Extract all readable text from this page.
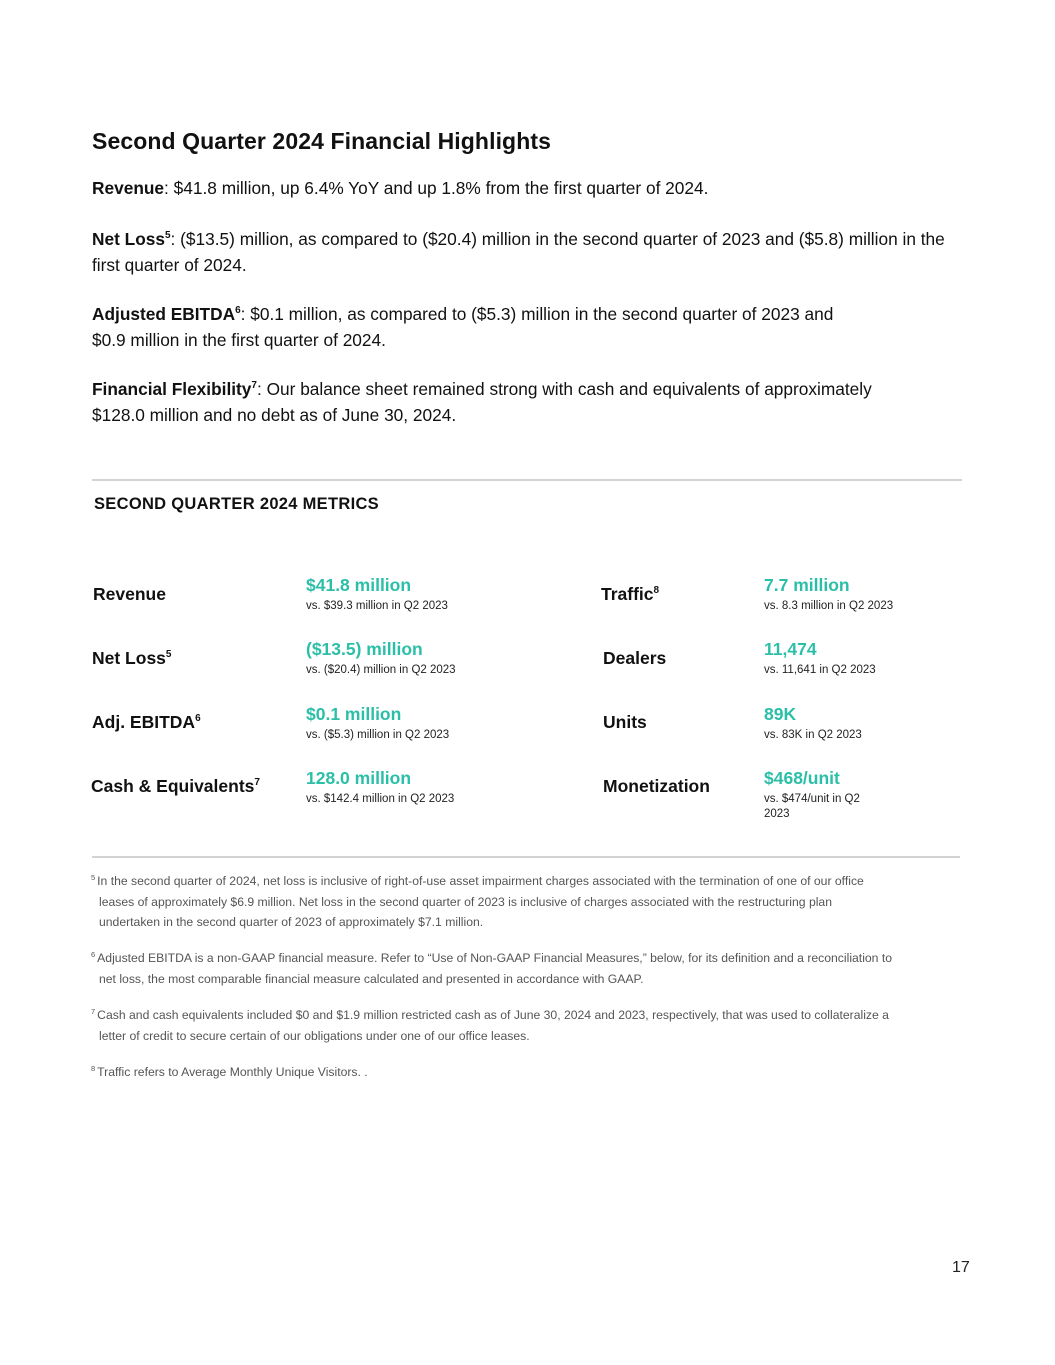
Second Quarter 2024 Financial Highlights

Revenue: $41.8 million, up 6.4% YoY and up 1.8% from the first quarter of 2024.

Net Loss$^5$: ($13.5) million, as compared to ($20.4) million in the second quarter of 2023 and ($5.8) million in the first quarter of 2024.

Adjusted EBITDA$^6$: $0.1 million, as compared to ($5.3) million in the second quarter of 2023 and
$0.9 million in the first quarter of 2024.

Financial Flexibility$^7$: Our balance sheet remained strong with cash and equivalents of approximately
$128.0 million and no debt as of June 30, 2024.

SECOND QUARTER 2024 METRICS

Revenue	$41.8 million

vs. $39.3 million in Q2 2023

Net Loss$^5$	($13.5) million

vs. ($20.4) million in Q2 2023

Adj. EBITDA$^6$	$0.1 million

vs. ($5.3) million in Q2 2023

Cash & Equivalents$^7$	128.0 million

vs. $142.4 million in Q2 2023

Traffic$^8$	7.7 million

vs. 8.3 million in Q2 2023

Dealers	11,474

vs. 11,641 in Q2 2023

Units	89K

vs. 83K in Q2 2023

Monetization	$468/unit

vs. $474/unit in Q2
2023

$^5$ In the second quarter of 2024, net loss is inclusive of right-of-use asset impairment charges associated with the termination of one of our office
leases of approximately $6.9 million. Net loss in the second quarter of 2023 is inclusive of charges associated with the restructuring plan
undertaken in the second quarter of 2023 of approximately $7.1 million.

$^6$ Adjusted EBITDA is a non-GAAP financial measure. Refer to “Use of Non-GAAP Financial Measures,” below, for its definition and a reconciliation to
net loss, the most comparable financial measure calculated and presented in accordance with GAAP.

$^7$ Cash and cash equivalents included $0 and $1.9 million restricted cash as of June 30, 2024 and 2023, respectively, that was used to collateralize a
letter of credit to secure certain of our obligations under one of our office leases.

$^8$ Traffic refers to Average Monthly Unique Visitors. .

17
